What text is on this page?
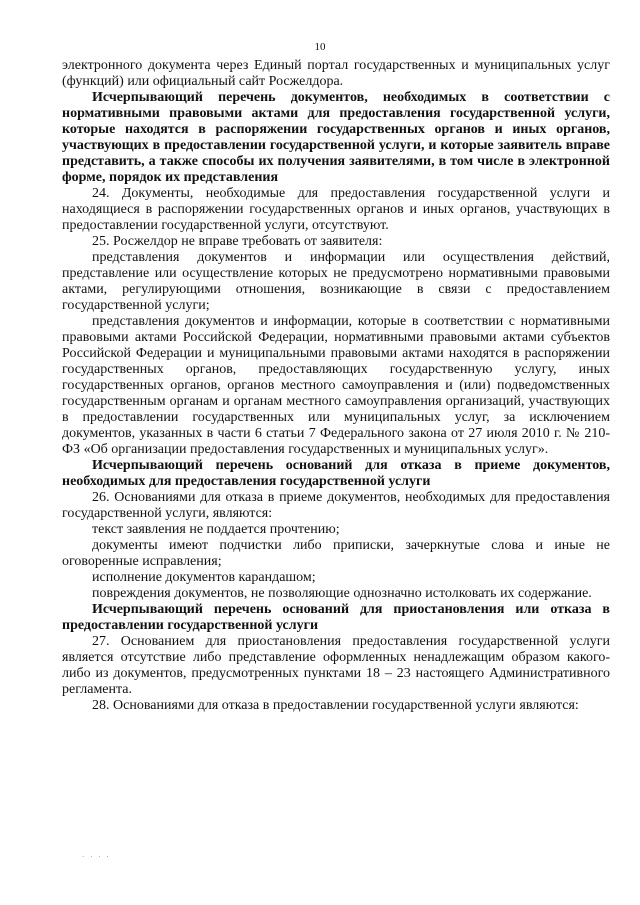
10

электронного документа через Единый портал государственных и муниципальных услуг (функций) или официальный сайт Росжелдора.

Исчерпывающий перечень документов, необходимых в соответствии с нормативными правовыми актами для предоставления государственной услуги, которые находятся в распоряжении государственных органов и иных органов, участвующих в предоставлении государственной услуги, и которые заявитель вправе представить, а также способы их получения заявителями, в том числе в электронной форме, порядок их представления

24. Документы, необходимые для предоставления государственной услуги и находящиеся в распоряжении государственных органов и иных органов, участвующих в предоставлении государственной услуги, отсутствуют.

25. Росжелдор не вправе требовать от заявителя:

представления документов и информации или осуществления действий, представление или осуществление которых не предусмотрено нормативными правовыми актами, регулирующими отношения, возникающие в связи с предоставлением государственной услуги;

представления документов и информации, которые в соответствии с нормативными правовыми актами Российской Федерации, нормативными правовыми актами субъектов Российской Федерации и муниципальными правовыми актами находятся в распоряжении государственных органов, предоставляющих государственную услугу, иных государственных органов, органов местного самоуправления и (или) подведомственных государственным органам и органам местного самоуправления организаций, участвующих в предоставлении государственных или муниципальных услуг, за исключением документов, указанных в части 6 статьи 7 Федерального закона от 27 июля 2010 г. № 210-ФЗ «Об организации предоставления государственных и муниципальных услуг».

Исчерпывающий перечень оснований для отказа в приеме документов, необходимых для предоставления государственной услуги

26. Основаниями для отказа в приеме документов, необходимых для предоставления государственной услуги, являются:

текст заявления не поддается прочтению;

документы имеют подчистки либо приписки, зачеркнутые слова и иные не оговоренные исправления;

исполнение документов карандашом;

повреждения документов, не позволяющие однозначно истолковать их содержание.

Исчерпывающий перечень оснований для приостановления или отказа в предоставлении государственной услуги

27. Основанием для приостановления предоставления государственной услуги является отсутствие либо представление оформленных ненадлежащим образом какого-либо из документов, предусмотренных пунктами 18 – 23 настоящего Административного регламента.

28. Основаниями для отказа в предоставлении государственной услуги являются:

· · · ·
